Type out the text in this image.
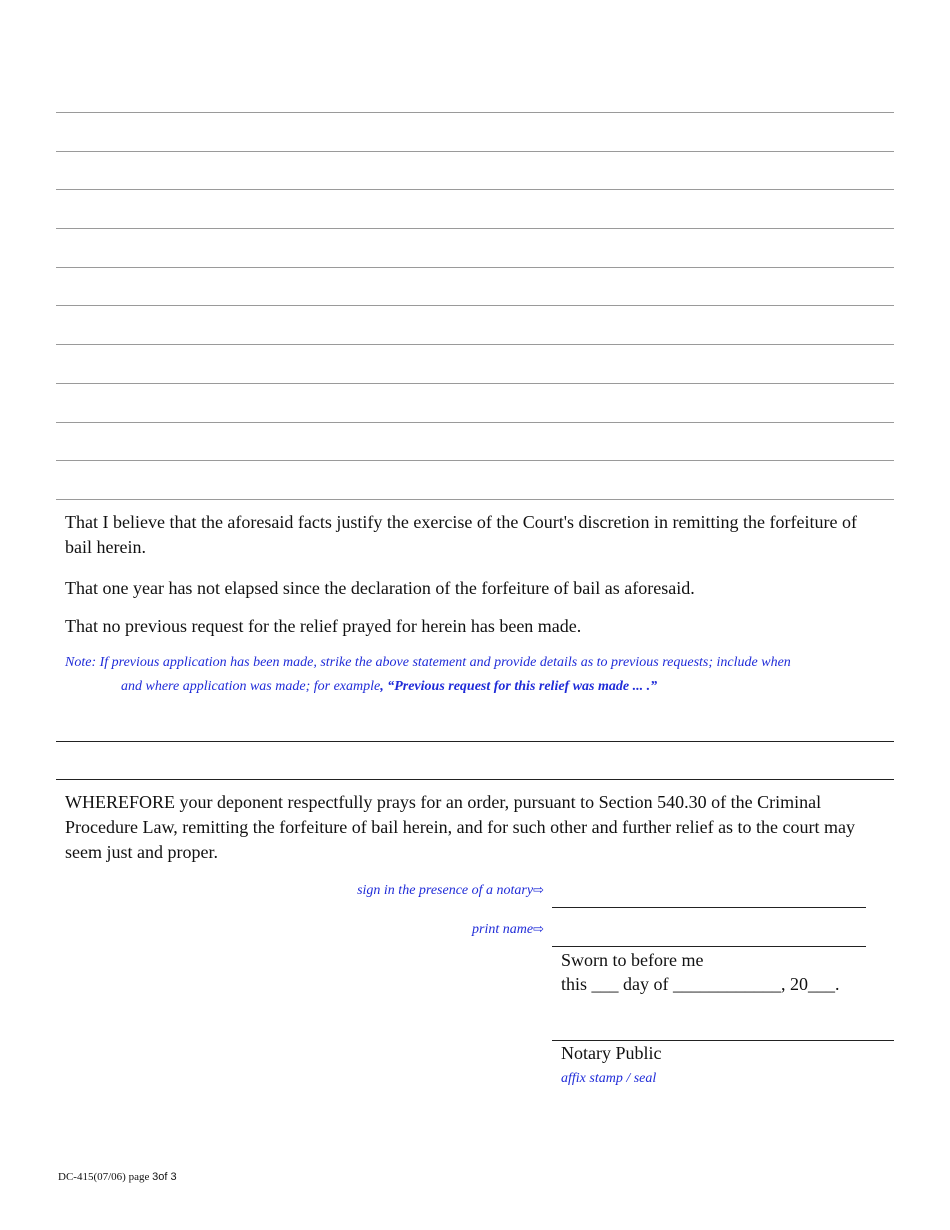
That I believe that the aforesaid facts justify the exercise of the Court's discretion in remitting the forfeiture of bail herein.

That one year has not elapsed since the declaration of the forfeiture of bail as aforesaid.

That no previous request for the relief prayed for herein has been made.

Note: If previous application has been made, strike the above statement and provide details as to previous requests; include when
and where application was made; for example, “Previous request for this relief was made ... .”

WHEREFORE your deponent respectfully prays for an order, pursuant to Section 540.30 of the Criminal Procedure Law, remitting the forfeiture of bail herein, and for such other and further relief as to the court may seem just and proper.

sign in the presence of a notary⇨
print name⇨
Sworn to before me
this ___ day of ____________, 20___.
Notary Public
affix stamp / seal
DC-415(07/06) page 3of 3
